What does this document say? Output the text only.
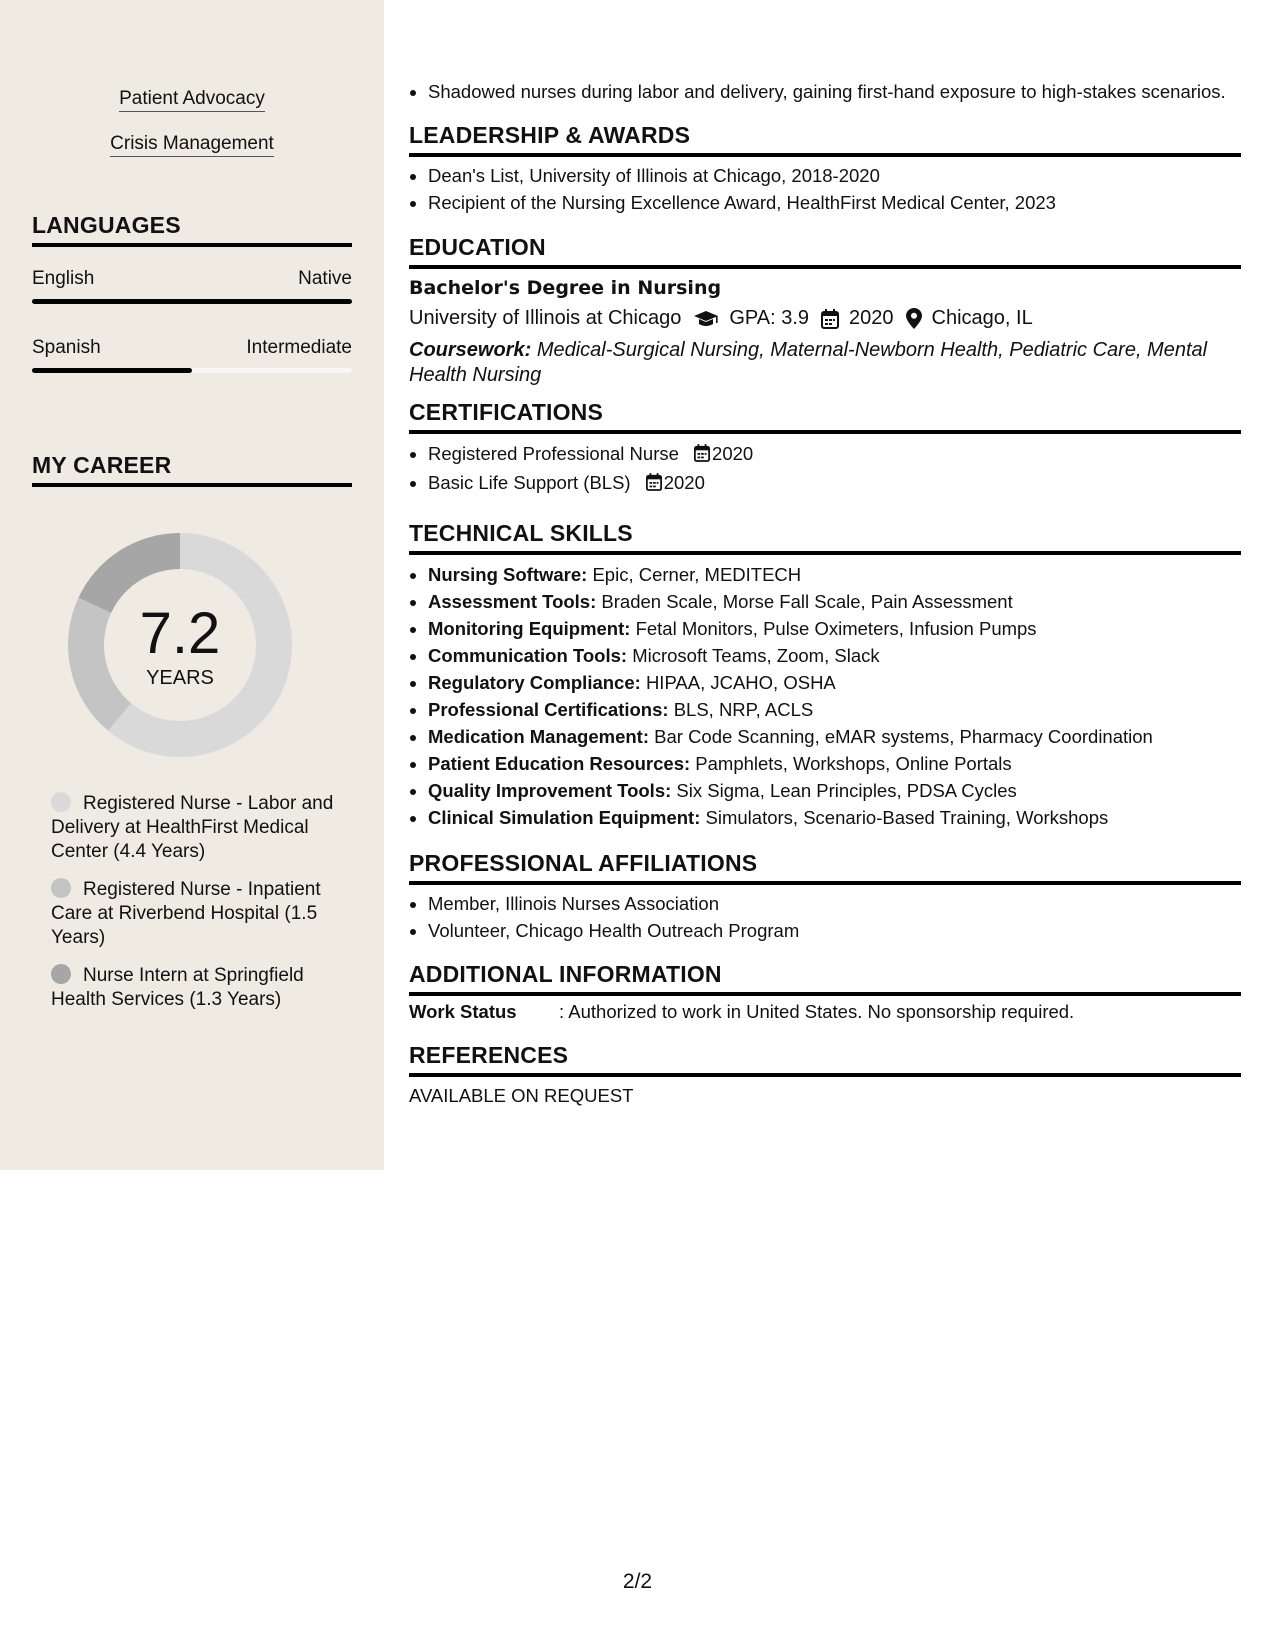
Patient Advocacy
Crisis Management
LANGUAGES
English	Native
Spanish	Intermediate
MY CAREER
7.2
YEARS
Registered Nurse - Labor and Delivery at HealthFirst Medical Center (4.4 Years)
Registered Nurse - Inpatient Care at Riverbend Hospital (1.5 Years)
Nurse Intern at Springfield Health Services (1.3 Years)
• Shadowed nurses during labor and delivery, gaining first-hand exposure to high-stakes scenarios.
LEADERSHIP & AWARDS
• Dean's List, University of Illinois at Chicago, 2018-2020
• Recipient of the Nursing Excellence Award, HealthFirst Medical Center, 2023
EDUCATION
Bachelor's Degree in Nursing
University of Illinois at Chicago GPA: 3.9 2020 Chicago, IL
Coursework: Medical-Surgical Nursing, Maternal-Newborn Health, Pediatric Care, Mental Health Nursing
CERTIFICATIONS
• Registered Professional Nurse 2020
• Basic Life Support (BLS) 2020
TECHNICAL SKILLS
• Nursing Software: Epic, Cerner, MEDITECH
• Assessment Tools: Braden Scale, Morse Fall Scale, Pain Assessment
• Monitoring Equipment: Fetal Monitors, Pulse Oximeters, Infusion Pumps
• Communication Tools: Microsoft Teams, Zoom, Slack
• Regulatory Compliance: HIPAA, JCAHO, OSHA
• Professional Certifications: BLS, NRP, ACLS
• Medication Management: Bar Code Scanning, eMAR systems, Pharmacy Coordination
• Patient Education Resources: Pamphlets, Workshops, Online Portals
• Quality Improvement Tools: Six Sigma, Lean Principles, PDSA Cycles
• Clinical Simulation Equipment: Simulators, Scenario-Based Training, Workshops
PROFESSIONAL AFFILIATIONS
• Member, Illinois Nurses Association
• Volunteer, Chicago Health Outreach Program
ADDITIONAL INFORMATION
Work Status	: Authorized to work in United States. No sponsorship required.
REFERENCES
AVAILABLE ON REQUEST
2/2
